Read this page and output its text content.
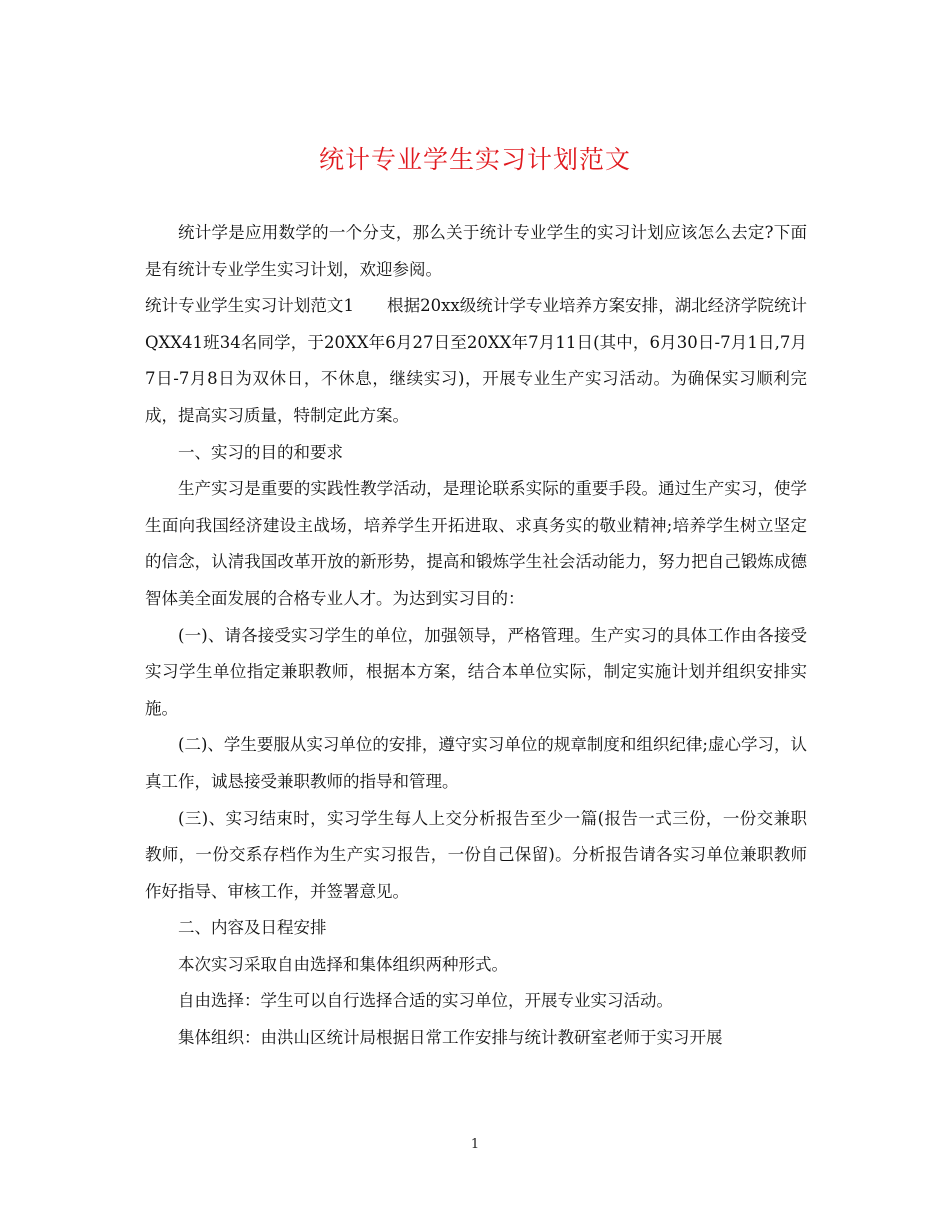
统计专业学生实习计划范文

统计学是应用数学的一个分支，那么关于统计专业学生的实习计划应该怎么去定?下面是有统计专业学生实习计划，欢迎参阅。

统计专业学生实习计划范文1　　根据20xx级统计学专业培养方案安排，湖北经济学院统计QXX41班34名同学，于20XX年6月27日至20XX年7月11日(其中，6月30日-7月1日,7月7日-7月8日为双休日，不休息，继续实习)，开展专业生产实习活动。为确保实习顺利完成，提高实习质量，特制定此方案。

一、实习的目的和要求

生产实习是重要的实践性教学活动，是理论联系实际的重要手段。通过生产实习，使学生面向我国经济建设主战场，培养学生开拓进取、求真务实的敬业精神;培养学生树立坚定的信念，认清我国改革开放的新形势，提高和锻炼学生社会活动能力，努力把自己锻炼成德智体美全面发展的合格专业人才。为达到实习目的：

(一)、请各接受实习学生的单位，加强领导，严格管理。生产实习的具体工作由各接受实习学生单位指定兼职教师，根据本方案，结合本单位实际，制定实施计划并组织安排实施。

(二)、学生要服从实习单位的安排，遵守实习单位的规章制度和组织纪律;虚心学习，认真工作，诚恳接受兼职教师的指导和管理。

(三)、实习结束时，实习学生每人上交分析报告至少一篇(报告一式三份，一份交兼职教师，一份交系存档作为生产实习报告，一份自己保留)。分析报告请各实习单位兼职教师作好指导、审核工作，并签署意见。

二、内容及日程安排

本次实习采取自由选择和集体组织两种形式。

自由选择：学生可以自行选择合适的实习单位，开展专业实习活动。

集体组织：由洪山区统计局根据日常工作安排与统计教研室老师于实习开展

1
